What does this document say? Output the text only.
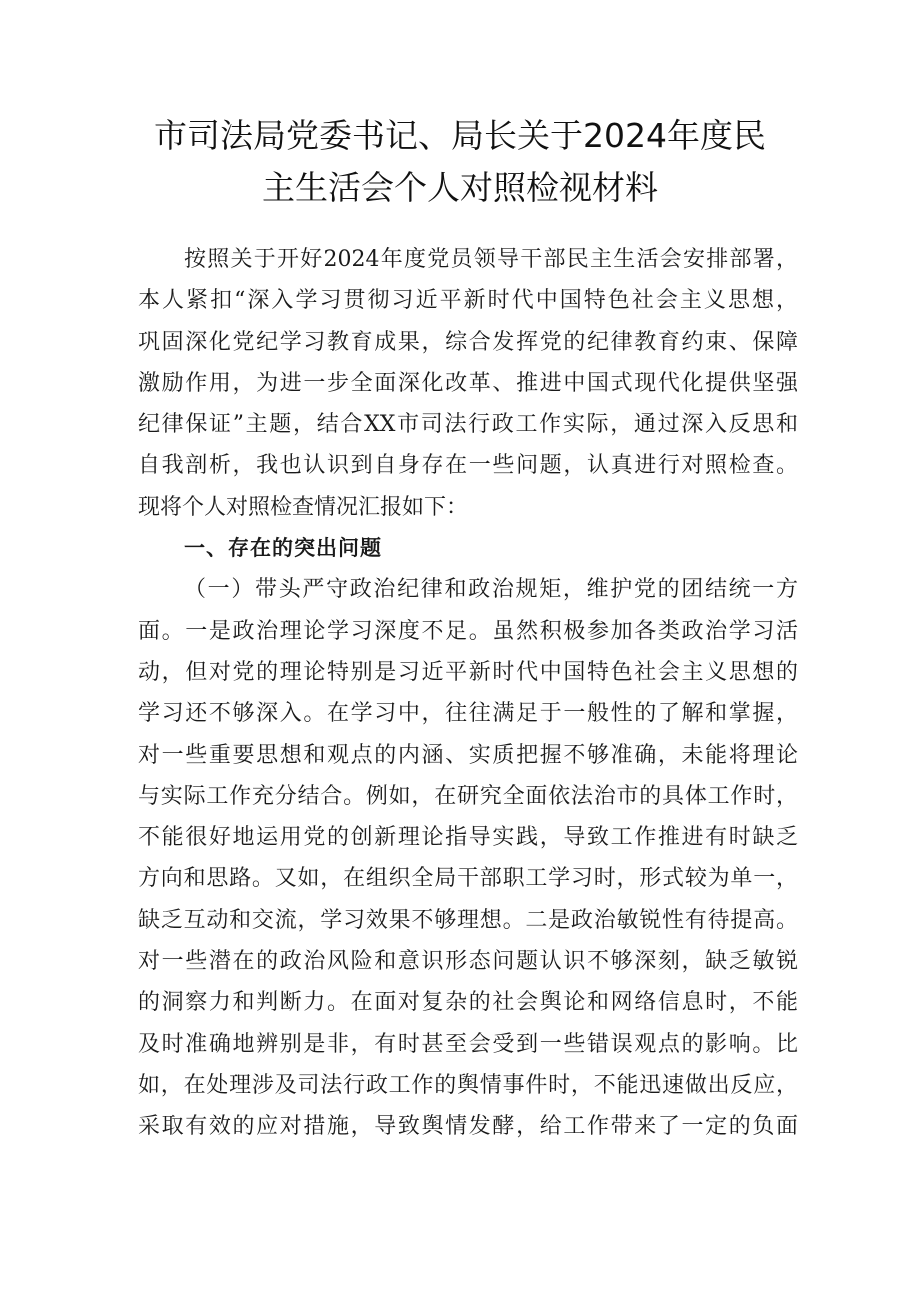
市司法局党委书记、局长关于2024年度民
主生活会个人对照检视材料
按照关于开好2024年度党员领导干部民主生活会安排部署，
本人紧扣“深入学习贯彻习近平新时代中国特色社会主义思想，
巩固深化党纪学习教育成果，综合发挥党的纪律教育约束、保障
激励作用，为进一步全面深化改革、推进中国式现代化提供坚强
纪律保证”主题，结合XX市司法行政工作实际，通过深入反思和
自我剖析，我也认识到自身存在一些问题，认真进行对照检查。
现将个人对照检查情况汇报如下：
一、存在的突出问题
（一）带头严守政治纪律和政治规矩，维护党的团结统一方
面。一是政治理论学习深度不足。虽然积极参加各类政治学习活
动，但对党的理论特别是习近平新时代中国特色社会主义思想的
学习还不够深入。在学习中，往往满足于一般性的了解和掌握，
对一些重要思想和观点的内涵、实质把握不够准确，未能将理论
与实际工作充分结合。例如，在研究全面依法治市的具体工作时，
不能很好地运用党的创新理论指导实践，导致工作推进有时缺乏
方向和思路。又如，在组织全局干部职工学习时，形式较为单一，
缺乏互动和交流，学习效果不够理想。二是政治敏锐性有待提高。
对一些潜在的政治风险和意识形态问题认识不够深刻，缺乏敏锐
的洞察力和判断力。在面对复杂的社会舆论和网络信息时，不能
及时准确地辨别是非，有时甚至会受到一些错误观点的影响。比
如，在处理涉及司法行政工作的舆情事件时，不能迅速做出反应，
采取有效的应对措施，导致舆情发酵，给工作带来了一定的负面
